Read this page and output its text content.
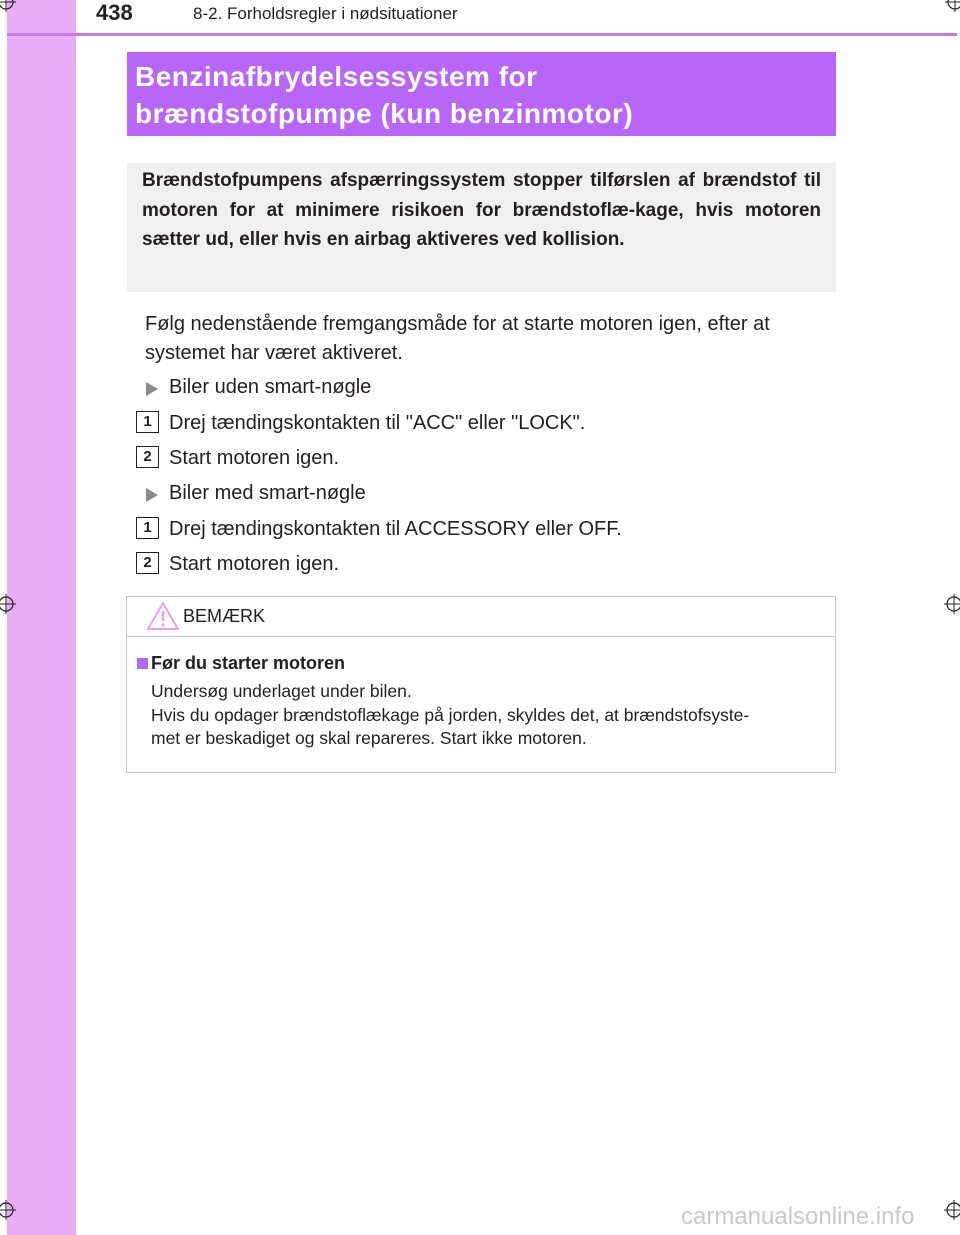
438	8-2. Forholdsregler i nødsituationer
Benzinafbrydelsessystem for
brændstofpumpe (kun benzinmotor)
Brændstofpumpens afspærringssystem stopper tilførslen af brændstof til motoren for at minimere risikoen for brændstoflæ-kage, hvis motoren sætter ud, eller hvis en airbag aktiveres ved kollision.
Følg nedenstående fremgangsmåde for at starte motoren igen, efter at
systemet har været aktiveret.
Biler uden smart-nøgle
1 Drej tændingskontakten til "ACC" eller "LOCK".
2 Start motoren igen.
Biler med smart-nøgle
1 Drej tændingskontakten til ACCESSORY eller OFF.
2 Start motoren igen.
BEMÆRK
Før du starter motoren
Undersøg underlaget under bilen.
Hvis du opdager brændstoflækage på jorden, skyldes det, at brændstofsyste-
met er beskadiget og skal repareres. Start ikke motoren.
carmanualsonline.info
